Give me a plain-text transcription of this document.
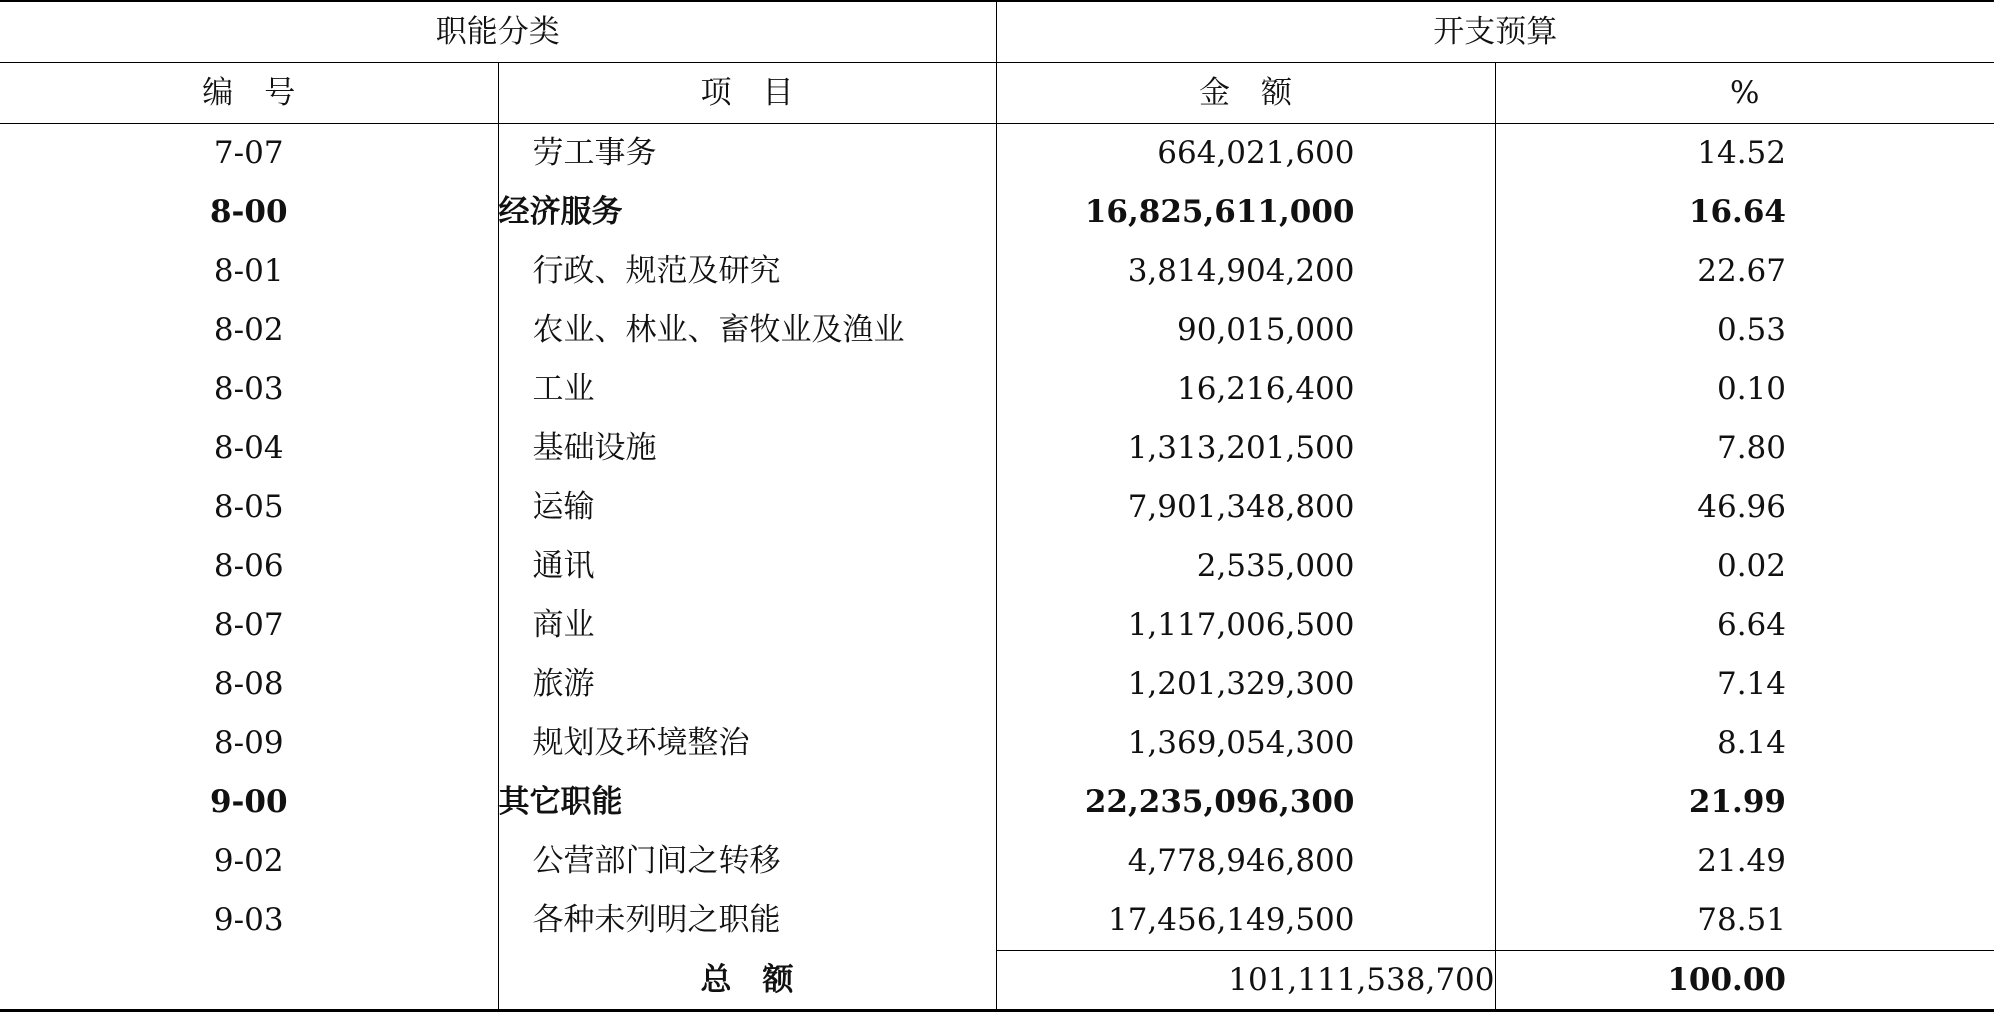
职能分类		开支预算	
编　号	项　目	金　额	%
7-07	劳工事务	664,021,600	14.52
8-00	经济服务	16,825,611,000	16.64
8-01	行政、规范及研究	3,814,904,200	22.67
8-02	农业、林业、畜牧业及渔业	90,015,000	0.53
8-03	工业	16,216,400	0.10
8-04	基础设施	1,313,201,500	7.80
8-05	运输	7,901,348,800	46.96
8-06	通讯	2,535,000	0.02
8-07	商业	1,117,006,500	6.64
8-08	旅游	1,201,329,300	7.14
8-09	规划及环境整治	1,369,054,300	8.14
9-00	其它职能	22,235,096,300	21.99
9-02	公营部门间之转移	4,778,946,800	21.49
9-03	各种未列明之职能	17,456,149,500	78.51
	总　额	101,111,538,700	100.00
